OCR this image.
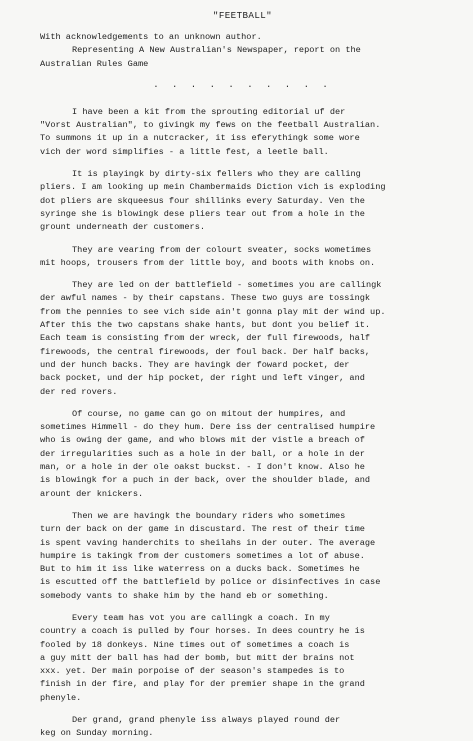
"FEETBALL"
With acknowledgements to an unknown author.
Representing A New Australian's Newspaper, report on the
Australian Rules Game
. . . . . . . . . .
I have been a kit from the sprouting editorial uf der
"Vorst Australian", to givingk my fews on the feetball Australian.
To summons it up in a nutcracker, it iss eferythingk some wore
vich der word simplifies - a little fest, a leetle ball.
It is playingk by dirty-six fellers who they are calling
pliers. I am looking up mein Chambermaids Diction vich is exploding
dot pliers are skqueesus four shillinks every Saturday. Ven the
syringe she is blowingk dese pliers tear out from a hole in the
grount underneath der customers.
They are vearing from der colourt sveater, socks wometimes
mit hoops, trousers from der little boy, and boots with knobs on.
They are led on der battlefield - sometimes you are callingk
der awful names - by their capstans. These two guys are tossingk
from the pennies to see vich side ain't gonna play mit der wind up.
After this the two capstans shake hants, but dont you belief it.
Each team is consisting from der wreck, der full firewoods, half
firewoods, the central firewoods, der foul back. Der half backs,
und der hunch backs. They are havingk der foward pocket, der
back pocket, und der hip pocket, der right und left vinger, and
der red rovers.
Of course, no game can go on mitout der humpires, and
sometimes Himmell - do they hum. Dere iss der centralised humpire
who is owing der game, and who blows mit der vistle a breach of
der irregularities such as a hole in der ball, or a hole in der
man, or a hole in der ole oakst buckst. - I don't know. Also he
is blowingk for a puch in der back, over the shoulder blade, and
arount der knickers.
Then we are havingk the boundary riders who sometimes
turn der back on der game in discustard. The rest of their time
is spent vaving handerchits to sheilahs in der outer. The average
humpire is takingk from der customers sometimes a lot of abuse.
But to him it iss like waterress on a ducks back. Sometimes he
is escutted off the battlefield by police or disinfectives in case
somebody vants to shake him by the hand eb or something.
Every team has vot you are callingk a coach. In my
country a coach is pulled by four horses. In dees country he is
fooled by 18 donkeys. Nine times out of sometimes a coach is
a guy mitt der ball has had der bomb, but mitt der brains not
xxx. yet. Der main porpoise of der season's stampedes is to
finish in der fire, and play for der premier shape in the grand
phenyle.
Der grand, grand phenyle iss always played round der
keg on Sunday morning.
